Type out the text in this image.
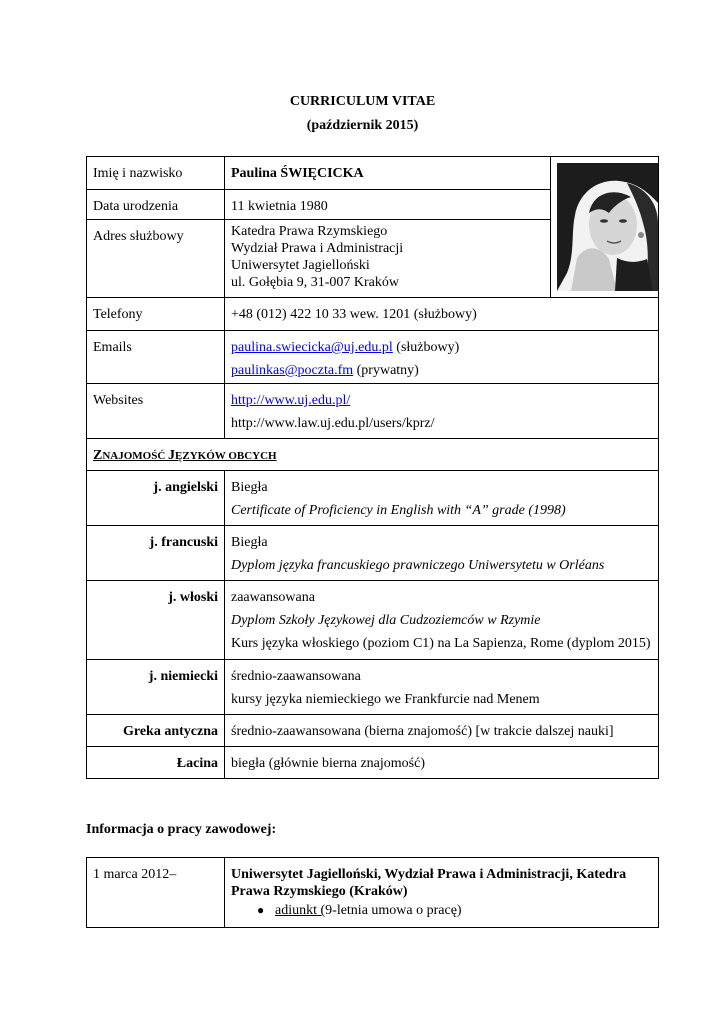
CURRICULUM VITAE
(październik 2015)
Imię i nazwisko	Paulina ŚWIĘCICKA	

Data urodzenia	11 kwietnia 1980	
Adres służbowy	Katedra Prawa Rzymskiego
Wydział Prawa i Administracji
Uniwersytet Jagielloński
ul. Gołębia 9, 31-007 Kraków	

Telefony	+48 (012) 422 10 33 wew. 1201 (służbowy)	
Emails	paulina.swiecicka@uj.edu.pl (służbowy)
paulinkas@poczta.fm (prywatny)	

Websites	http://www.uj.edu.pl/
http://www.law.uj.edu.pl/users/kprz/	

ZNAJOMOŚĆ JĘZYKÓW OBCYCH		
j. angielski	Biegła
Certificate of Proficiency in English with “A” grade (1998)	

j. francuski	Biegła
Dyplom języka francuskiego prawniczego Uniwersytetu w Orléans	

j. włoski	zaawansowana
Dyplom Szkoły Językowej dla Cudzoziemców w Rzymie
Kurs języka włoskiego (poziom C1) na La Sapienza, Rome (dyplom 2015)	

j. niemiecki	średnio-zaawansowana
kursy języka niemieckiego we Frankfurcie nad Menem	

Greka antyczna	średnio-zaawansowana (bierna znajomość) [w trakcie dalszej nauki]	
Łacina	biegła (głównie bierna znajomość)	
Informacja o pracy zawodowej:
1 marca 2012–	Uniwersytet Jagielloński, Wydział Prawa i Administracji, Katedra Prawa Rzymskiego (Kraków)
● adiunkt (9-letnia umowa o pracę)
